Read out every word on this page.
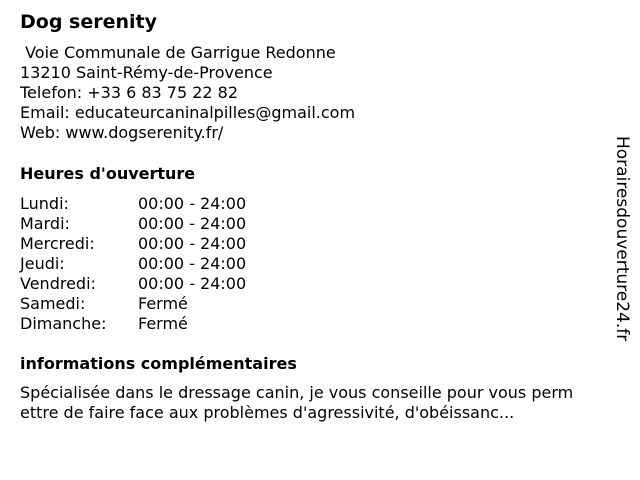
Dog serenity
Voie Communale de Garrigue Redonne
13210 Saint-Rémy-de-Provence
Telefon: +33 6 83 75 22 82
Email: educateurcaninalpilles@gmail.com
Web: www.dogserenity.fr/
Heures d'ouverture
Lundi:	00:00 - 24:00
Mardi:	00:00 - 24:00
Mercredi:	00:00 - 24:00
Jeudi:	00:00 - 24:00
Vendredi:	00:00 - 24:00
Samedi:	Fermé
Dimanche: Fermé
informations complémentaires
Spécialisée dans le dressage canin, je vous conseille pour vous perm
ettre de faire face aux problèmes d'agressivité, d'obéissanc...
Horairesdouverture24.fr
